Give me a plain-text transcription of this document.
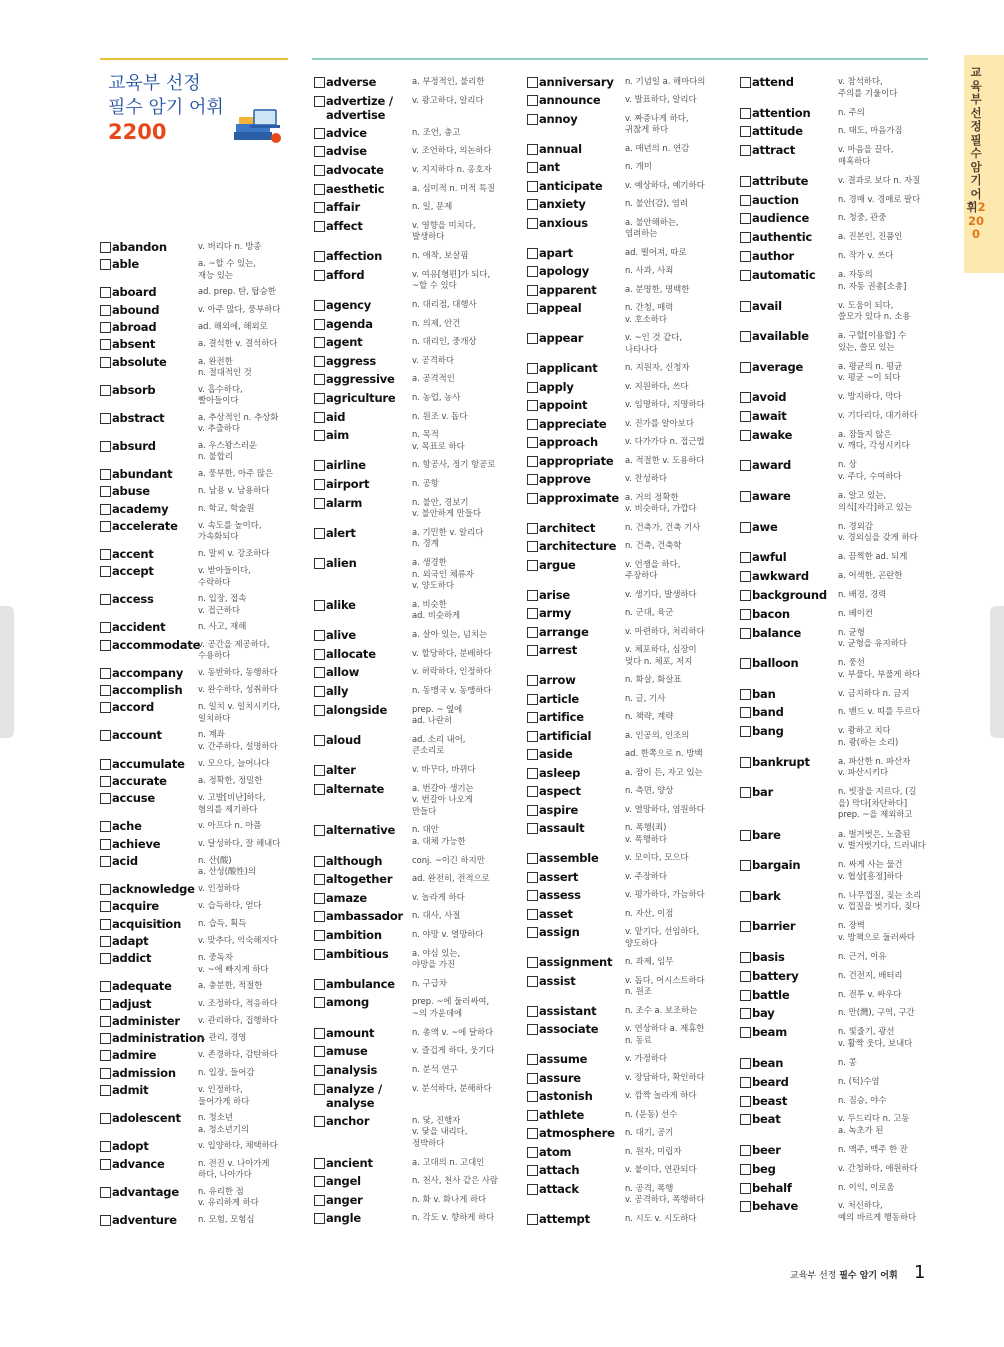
교육부 선정
필수 암기 어휘
2200
abandon	v. 버리다 n. 방종
able	a. ~할 수 있는,
재능 있는
aboard	ad. prep. 탄, 탑승한
abound	v. 아주 많다, 풍부하다
abroad	ad. 해외에, 해외로
absent	a. 결석한 v. 결석하다
absolute	a. 완전한
n. 절대적인 것
absorb	v. 흡수하다,
빨아들이다
abstract	a. 추상적인 n. 추상화
v. 추출하다
absurd	a. 우스꽝스러운
n. 불합리
abundant	a. 풍부한, 아주 많은
abuse	n. 남용 v. 남용하다
academy	n. 학교, 학술원
accelerate v. 속도를 높이다,
가속화되다
accent	n. 말씨 v. 강조하다
accept	v. 받아들이다,
수락하다
access	n. 입장, 접속
v. 접근하다
accident	n. 사고, 재해
accommodate
v. 공간을 제공하다,
수용하다
accompany v. 동반하다, 동행하다
accomplish v. 완수하다, 성취하다
accord	n. 일치 v. 일치시키다,
일치하다
account	n. 계좌
v. 간주하다, 설명하다
accumulate v. 모으다, 늘어나다
accurate	a. 정확한, 정밀한
accuse	v. 고발[비난]하다,
혐의를 제기하다
ache	v. 아프다 n. 아픔
achieve	v. 달성하다, 잘 해내다
acid	n. 산(酸)
a. 산성(酸性)의
acknowledge v. 인정하다
acquire	v. 습득하다, 얻다
acquisition n. 습득, 획득
adapt	v. 맞추다, 익숙해지다
addict	n. 중독자
v. ~에 빠지게 하다
adequate	a. 충분한, 적절한
adjust	v. 조정하다, 적응하다
administer v. 관리하다, 집행하다
administration
n. 관리, 경영
admire	v. 존경하다, 감탄하다
admission	n. 입장, 들어감
admit	v. 인정하다,
들어가게 하다
adolescent n. 청소년
a. 청소년기의
adopt	v. 입양하다, 채택하다
advance	n. 전진 v. 나아가게
하다, 나아가다
advantage n. 유리한 점
v. 유리하게 하다
adventure	n. 모험, 모험심
adverse	a. 부정적인, 불리한
advertize /
advertise
v. 광고하다, 알리다
advice	n. 조언, 충고
advise	v. 조언하다, 의논하다
advocate	v. 지지하다 n. 옹호자
aesthetic	a. 심미적 n. 미적 특질
affair	n. 일, 문제
affect	v. 영향을 미치다,
발생하다
affection	n. 애착, 보살핌
afford	v. 여유[형편]가 되다,
~할 수 있다
agency	n. 대리점, 대행사
agenda	n. 의제, 안건
agent	n. 대리인, 중개상
aggress	v. 공격하다
aggressive a. 공격적인
agriculture n. 농업, 농사
aid	n. 원조 v. 돕다
aim	n. 목적
v. 목표로 하다
airline	n. 항공사, 정기 항공로
airport	n. 공항
alarm	n. 불안, 경보기
v. 불안하게 만들다
alert	a. 기민한 v. 알리다
n. 경계
alien	a. 생경한
n. 외국인 체류자
v. 양도하다
alike	a. 비슷한
ad. 비슷하게
alive	a. 살아 있는, 넘치는
allocate	v. 할당하다, 분배하다
allow	v. 허락하다, 인정하다
ally	n. 동맹국 v. 동맹하다
alongside	prep. ~ 옆에
ad. 나란히
aloud	ad. 소리 내어,
큰소리로
alter	v. 바꾸다, 바뀌다
alternate	a. 번갈아 생기는
v. 번갈아 나오게
만들다
alternative n. 대안
a. 대체 가능한
although	conj. ~이긴 하지만
altogether ad. 완전히, 전적으로
amaze	v. 놀라게 하다
ambassador n. 대사, 사절
ambition	n. 야망 v. 열망하다
ambitious	a. 야심 있는,
야망을 가진
ambulance n. 구급차
among	prep. ~에 둘러싸여,
~의 가운데에
amount	n. 총액 v. ~에 달하다
amuse	v. 즐겁게 하다, 웃기다
analysis	n. 분석 연구
analyze /
analyse
v. 분석하다, 분해하다
anchor	n. 닻, 진행자
v. 닻을 내리다,
정박하다
ancient	a. 고대의 n. 고대인
angel	n. 천사, 천사 같은 사람
anger	n. 화 v. 화나게 하다
angle	n. 각도 v. 향하게 하다
anniversary n. 기념일 a. 해마다의
announce	v. 발표하다, 알리다
annoy	v. 짜증나게 하다,
귀찮게 하다
annual	a. 매년의 n. 연감
ant	n. 개미
anticipate	v. 예상하다, 예기하다
anxiety	n. 불안(감), 염려
anxious	a. 불안해하는,
염려하는
apart	ad. 떨어져, 따로
apology	n. 사과, 사죄
apparent	a. 분명한, 명백한
appeal	n. 간청, 매력
v. 호소하다
appear	v. ~인 것 같다,
나타나다
applicant	n. 지원자, 신청자
apply	v. 지원하다, 쓰다
appoint	v. 임명하다, 지명하다
appreciate v. 진가를 알아보다
approach	v. 다가가다 n. 접근법
appropriate a. 적절한 v. 도용하다
approve	v. 찬성하다
approximate a. 거의 정확한
v. 비슷하다, 가깝다
architect	n. 건축가, 건축 기사
architecture n. 건축, 건축학
argue	v. 언쟁을 하다,
주장하다
arise	v. 생기다, 발생하다
army	n. 군대, 육군
arrange	v. 마련하다, 처리하다
arrest	v. 체포하다, 심장이
멎다 n. 체포, 저지
arrow	n. 화살, 화살표
article	n. 글, 기사
artifice	n. 책략, 계략
artificial	a. 인공의, 인조의
aside	ad. 한쪽으로 n. 방백
asleep	a. 잠이 든, 자고 있는
aspect	n. 측면, 양상
aspire	v. 열망하다, 염원하다
assault	n. 폭행(죄)
v. 폭행하다
assemble	v. 모이다, 모으다
assert	v. 주장하다
assess	v. 평가하다, 가늠하다
asset	n. 자산, 이점
assign	v. 맡기다, 선임하다,
양도하다
assignment n. 과제, 임무
assist	v. 돕다, 어시스트하다
n. 원조
assistant	n. 조수 a. 보조하는
associate	v. 연상하다 a. 제휴한
n. 동료
assume	v. 가정하다
assure	v. 장담하다, 확인하다
astonish	v. 깜짝 놀라게 하다
athlete	n. (운동) 선수
atmosphere n. 대기, 공기
atom	n. 원자, 미립자
attach	v. 붙이다, 연관되다
attack	n. 공격, 폭행
v. 공격하다, 폭행하다
attempt	n. 시도 v. 시도하다
attend	v. 참석하다,
주의를 기울이다
attention	n. 주의
attitude	n. 태도, 마음가짐
attract	v. 마음을 끌다,
매혹하다
attribute	v. 결과로 보다 n. 자질
auction	n. 경매 v. 경매로 팔다
audience	n. 청중, 관중
authentic	a. 진본인, 진품인
author	n. 작가 v. 쓰다
automatic	a. 자동의
n. 자동 권총[소총]
avail	v. 도움이 되다,
쓸모가 있다 n. 소용
available	a. 구할[이용할] 수
있는, 쓸모 있는
average	a. 평균의 n. 평균
v. 평균 ~이 되다
avoid	v. 방지하다, 막다
await	v. 기다리다, 대기하다
awake	a. 잠들지 않은
v. 깨다, 각성시키다
award	n. 상
v. 주다, 수여하다
aware	a. 알고 있는,
의식[자각]하고 있는
awe	n. 경외감
v. 경외심을 갖게 하다
awful	a. 끔찍한 ad. 되게
awkward	a. 어색한, 곤란한
background n. 배경, 경력
bacon	n. 베이컨
balance	n. 균형
v. 균형을 유지하다
balloon	n. 풍선
v. 부풀다, 부풀게 하다
ban	v. 금지하다 n. 금지
band	n. 밴드 v. 띠를 두르다
bang	v. 쾅하고 치다
n. 쾅(하는 소리)
bankrupt	a. 파산한 n. 파산자
v. 파산시키다
bar	n. 빗장을 지르다, (길
을) 막다[차단하다]
prep. ~을 제외하고
bare	a. 벌거벗은, 노출된
v. 벌거벗기다, 드러내다
bargain	n. 싸게 사는 물건
v. 협상[흥정]하다
bark	n. 나무껍질, 짖는 소리
v. 껍질을 벗기다, 짖다
barrier	n. 장벽
v. 방책으로 둘러싸다
basis	n. 근거, 이유
battery	n. 건전지, 배터리
battle	n. 전투 v. 싸우다
bay	n. 만(灣), 구역, 구간
beam	n. 빛줄기, 광선
v. 활짝 웃다, 보내다
bean	n. 콩
beard	n. (턱)수염
beast	n. 짐승, 야수
beat	v. 두드리다 n. 고동
a. 녹초가 된
beer	n. 맥주, 맥주 한 잔
beg	v. 간청하다, 애원하다
behalf	n. 이익, 이로움
behave	v. 처신하다,
예의 바르게 행동하다
교육부선정필수암기어휘2200
교육부 선정 필수 암기 어휘 1
